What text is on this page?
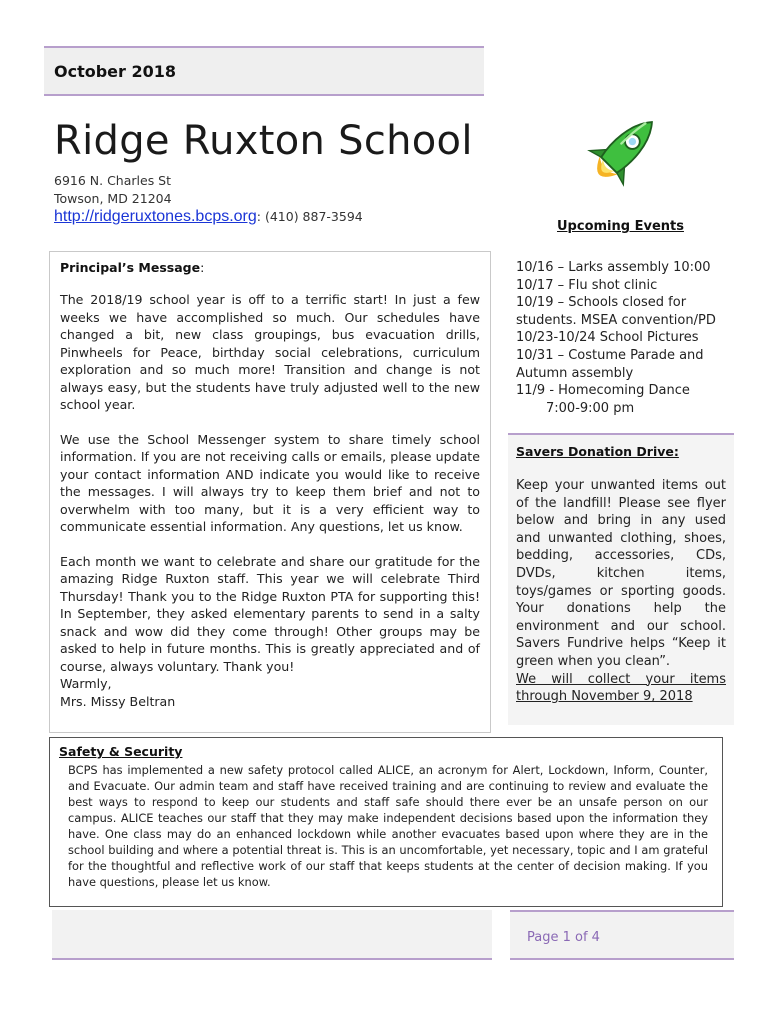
October 2018
Ridge Ruxton School
6916 N. Charles St
Towson, MD 21204
http://ridgeruxtones.bcps.org: (410) 887-3594
Upcoming Events
Principal’s Message:

The 2018/19 school year is off to a terrific start! In just a few weeks we have accomplished so much. Our schedules have changed a bit, new class groupings, bus evacuation drills, Pinwheels for Peace, birthday social celebrations, curriculum exploration and so much more! Transition and change is not always easy, but the students have truly adjusted well to the new school year.

We use the School Messenger system to share timely school information. If you are not receiving calls or emails, please update your contact information AND indicate you would like to receive the messages. I will always try to keep them brief and not to overwhelm with too many, but it is a very efficient way to communicate essential information. Any questions, let us know.

Each month we want to celebrate and share our gratitude for the amazing Ridge Ruxton staff. This year we will celebrate Third Thursday! Thank you to the Ridge Ruxton PTA for supporting this! In September, they asked elementary parents to send in a salty snack and wow did they come through! Other groups may be asked to help in future months. This is greatly appreciated and of course, always voluntary. Thank you!

Warmly,
Mrs. Missy Beltran
10/16 – Larks assembly 10:00
10/17 – Flu shot clinic
10/19 – Schools closed for students. MSEA convention/PD
10/23-10/24 School Pictures
10/31 – Costume Parade and Autumn assembly
11/9 - Homecoming Dance
7:00-9:00 pm
Savers Donation Drive:
Keep your unwanted items out of the landfill! Please see flyer below and bring in any used and unwanted clothing, shoes, bedding, accessories, CDs, DVDs, kitchen items, toys/games or sporting goods. Your donations help the environment and our school. Savers Fundrive helps “Keep it green when you clean”.
We will collect your items through November 9, 2018
Safety & Security

BCPS has implemented a new safety protocol called ALICE, an acronym for Alert, Lockdown, Inform, Counter, and Evacuate. Our admin team and staff have received training and are continuing to review and evaluate the best ways to respond to keep our students and staff safe should there ever be an unsafe person on our campus. ALICE teaches our staff that they may make independent decisions based upon the information they have. One class may do an enhanced lockdown while another evacuates based upon where they are in the school building and where a potential threat is. This is an uncomfortable, yet necessary, topic and I am grateful for the thoughtful and reflective work of our staff that keeps students at the center of decision making. If you have questions, please let us know.

Page 1 of 4
